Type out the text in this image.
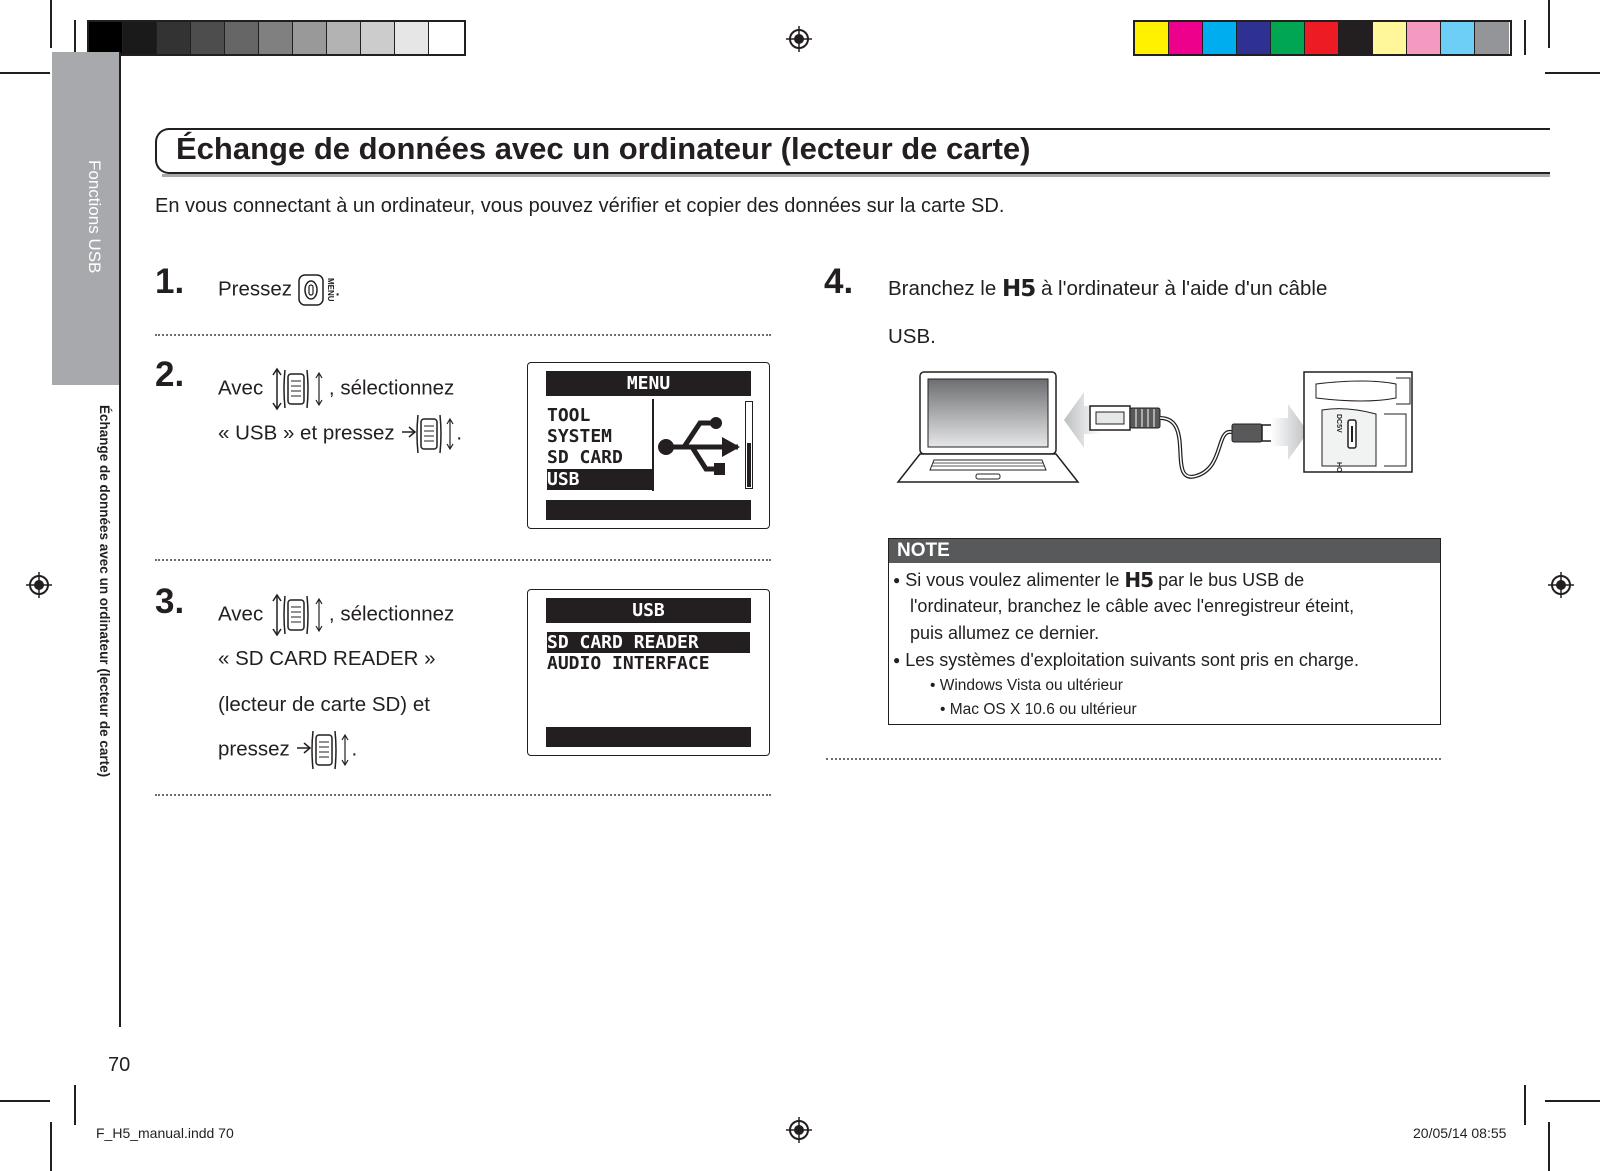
Fonctions USB
Échange de données avec un ordinateur (lecteur de carte)
Échange de données avec un ordinateur (lecteur de carte)
En vous connectant à un ordinateur, vous pouvez vérifier et copier des données sur la carte SD.
1. Pressez	MENU.
2. Avec	, sélectionnez
« USB » et pressez	.
MENU
TOOL
SYSTEM
SD CARD
USB
3. Avec	, sélectionnez
« SD CARD READER »
(lecteur de carte SD) et
pressez	.
USB
SD CARD READER
AUDIO INTERFACE
4. Branchez le H5 à l'ordinateur à l'aide d'un câble
USB.
DC5V
HO
NOTE
● Si vous voulez alimenter le H5 par le bus USB de
l'ordinateur, branchez le câble avec l'enregistreur éteint,
puis allumez ce dernier.
● Les systèmes d'exploitation suivants sont pris en charge.
• Windows Vista ou ultérieur
• Mac OS X 10.6 ou ultérieur
70
F_H5_manual.indd 70	20/05/14 08:55
